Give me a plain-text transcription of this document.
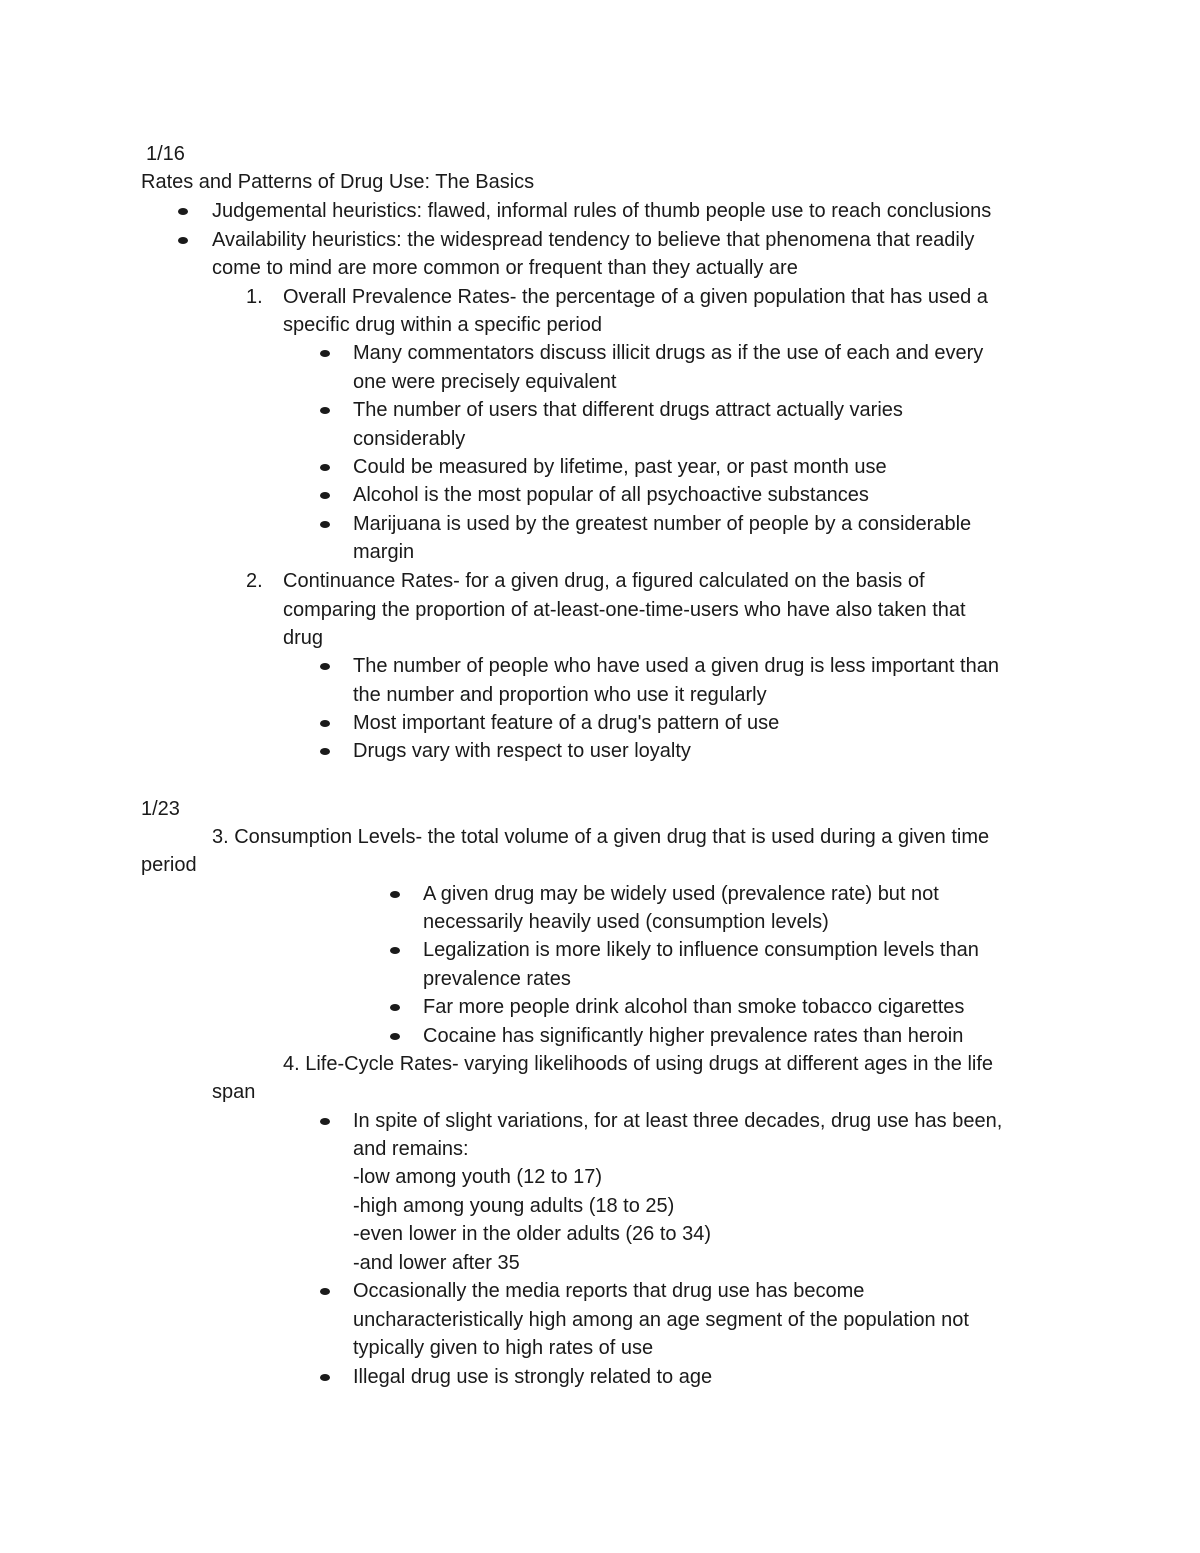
1/16
Rates and Patterns of Drug Use: The Basics
Judgemental heuristics: flawed, informal rules of thumb people use to reach conclusions
Availability heuristics: the widespread tendency to believe that phenomena that readily
come to mind are more common or frequent than they actually are
1. Overall Prevalence Rates- the percentage of a given population that has used a
specific drug within a specific period
Many commentators discuss illicit drugs as if the use of each and every
one were precisely equivalent
The number of users that different drugs attract actually varies
considerably
Could be measured by lifetime, past year, or past month use
Alcohol is the most popular of all psychoactive substances
Marijuana is used by the greatest number of people by a considerable
margin
2. Continuance Rates- for a given drug, a figured calculated on the basis of
comparing the proportion of at-least-one-time-users who have also taken that
drug
The number of people who have used a given drug is less important than
the number and proportion who use it regularly
Most important feature of a drug's pattern of use
Drugs vary with respect to user loyalty
1/23
3. Consumption Levels- the total volume of a given drug that is used during a given time
period
A given drug may be widely used (prevalence rate) but not
necessarily heavily used (consumption levels)
Legalization is more likely to influence consumption levels than
prevalence rates
Far more people drink alcohol than smoke tobacco cigarettes
Cocaine has significantly higher prevalence rates than heroin
4. Life-Cycle Rates- varying likelihoods of using drugs at different ages in the life
span
In spite of slight variations, for at least three decades, drug use has been,
and remains:
-low among youth (12 to 17)
-high among young adults (18 to 25)
-even lower in the older adults (26 to 34)
-and lower after 35
Occasionally the media reports that drug use has become
uncharacteristically high among an age segment of the population not
typically given to high rates of use
Illegal drug use is strongly related to age
